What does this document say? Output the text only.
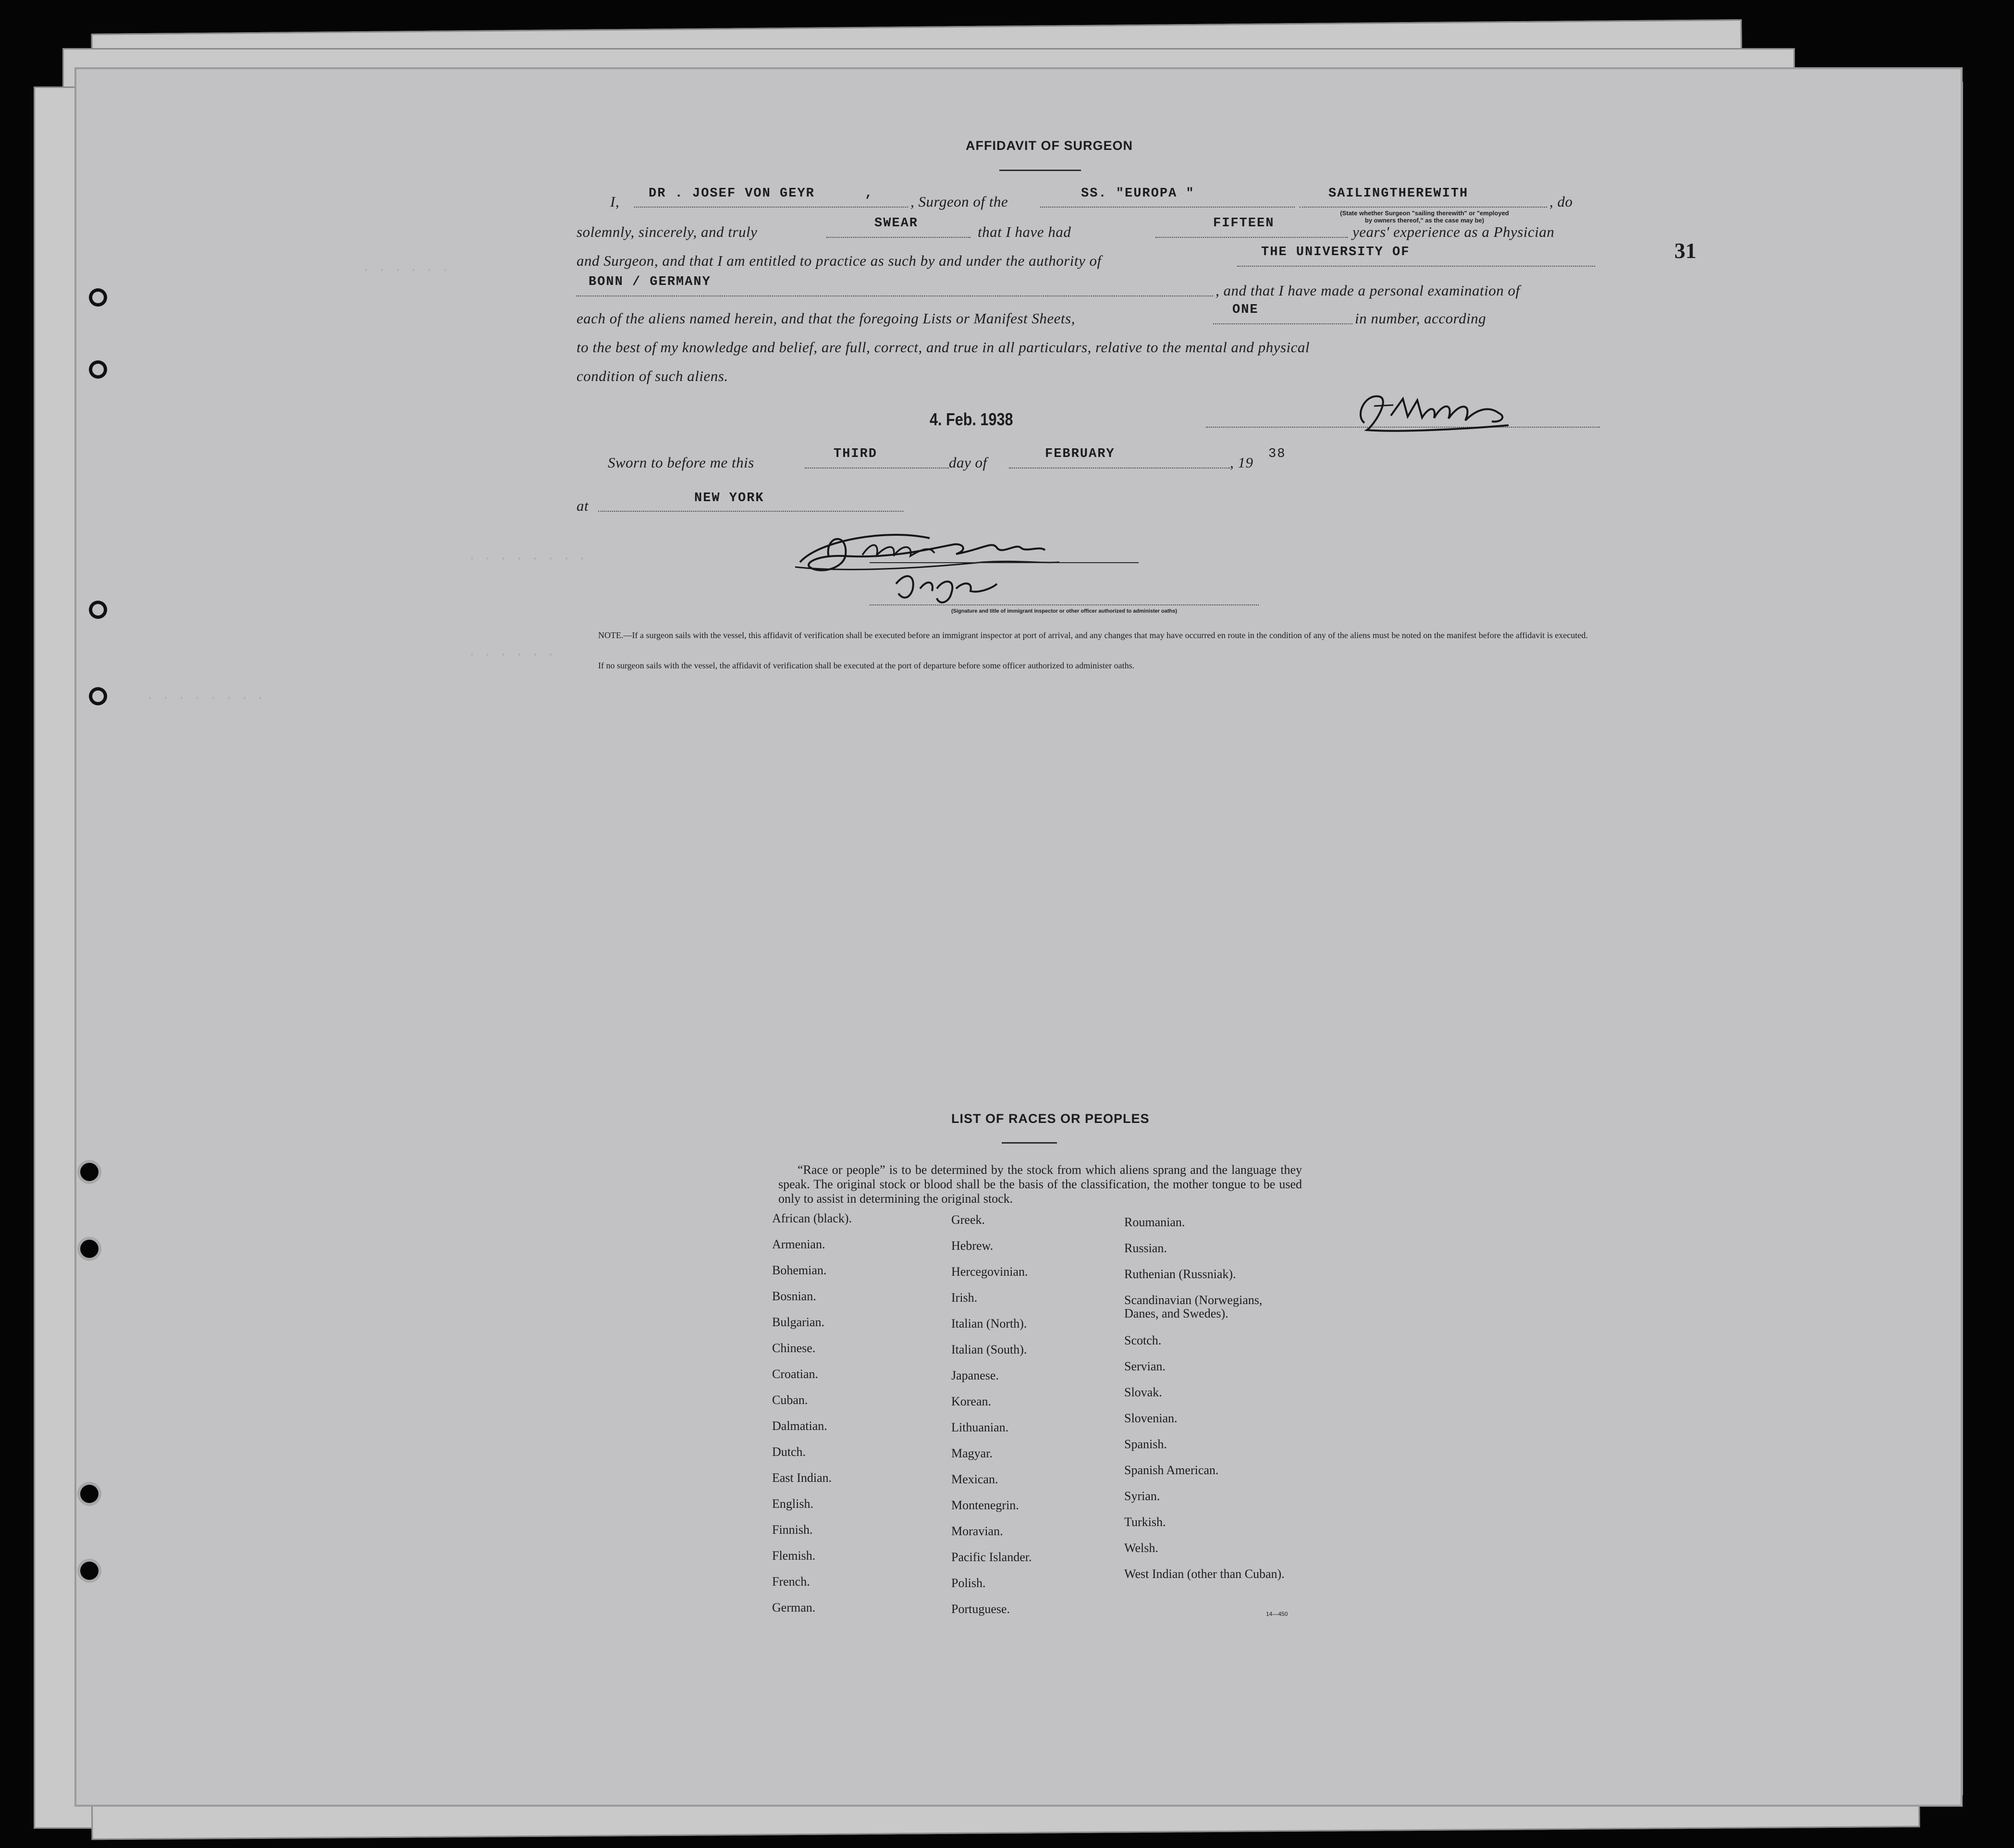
· · · · · ·
· · · · · · · ·
· · · · · ·
· · · · · · · ·
31
AFFIDAVIT OF SURGEON
I, DR . JOSEF VON GEYR	, , Surgeon of the	SS. "EUROPA "	SAILINGTHEREWITH	, do
(State whether Surgeon "sailing therewith" or "employed by owners thereof," as the case may be)
solemnly, sincerely, and truly	SWEAR	that I have had	FIFTEEN	years' experience as a Physician
and Surgeon, and that I am entitled to practice as such by and under the authority of	THE UNIVERSITY OF
BONN / GERMANY	, and that I have made a personal examination of
each of the aliens named herein, and that the foregoing Lists or Manifest Sheets,	ONE	in number, according
to the best of my knowledge and belief, are full, correct, and true in all particulars, relative to the mental and physical
condition of such aliens.
4. Feb. 1938
Sworn to before me this	THIRD	day of	FEBRUARY	, 19 38
at	NEW YORK
(Signature and title of immigrant inspector or other officer authorized to administer oaths)
NOTE.—If a surgeon sails with the vessel, this affidavit of verification shall be executed before an immigrant inspector at port of arrival, and any changes that may have occurred en route in the condition of any of the aliens must be noted on the manifest before the affidavit is executed.
If no surgeon sails with the vessel, the affidavit of verification shall be executed at the port of departure before some officer authorized to administer oaths.
LIST OF RACES OR PEOPLES
“Race or people” is to be determined by the stock from which aliens sprang and the language they speak. The original stock or blood shall be the basis of the classification, the mother tongue to be used only to assist in determining the original stock.
African (black).
Armenian.
Bohemian.
Bosnian.
Bulgarian.
Chinese.
Croatian.
Cuban.
Dalmatian.
Dutch.
East Indian.
English.
Finnish.
Flemish.
French.
German.
Greek.
Hebrew.
Hercegovinian.
Irish.
Italian (North).
Italian (South).
Japanese.
Korean.
Lithuanian.
Magyar.
Mexican.
Montenegrin.
Moravian.
Pacific Islander.
Polish.
Portuguese.
Roumanian.
Russian.
Ruthenian (Russniak).
Scandinavian (Norwegians, Danes, and Swedes).
Scotch.
Servian.
Slovak.
Slovenian.
Spanish.
Spanish American.
Syrian.
Turkish.
Welsh.
West Indian (other than Cuban).
14—450
